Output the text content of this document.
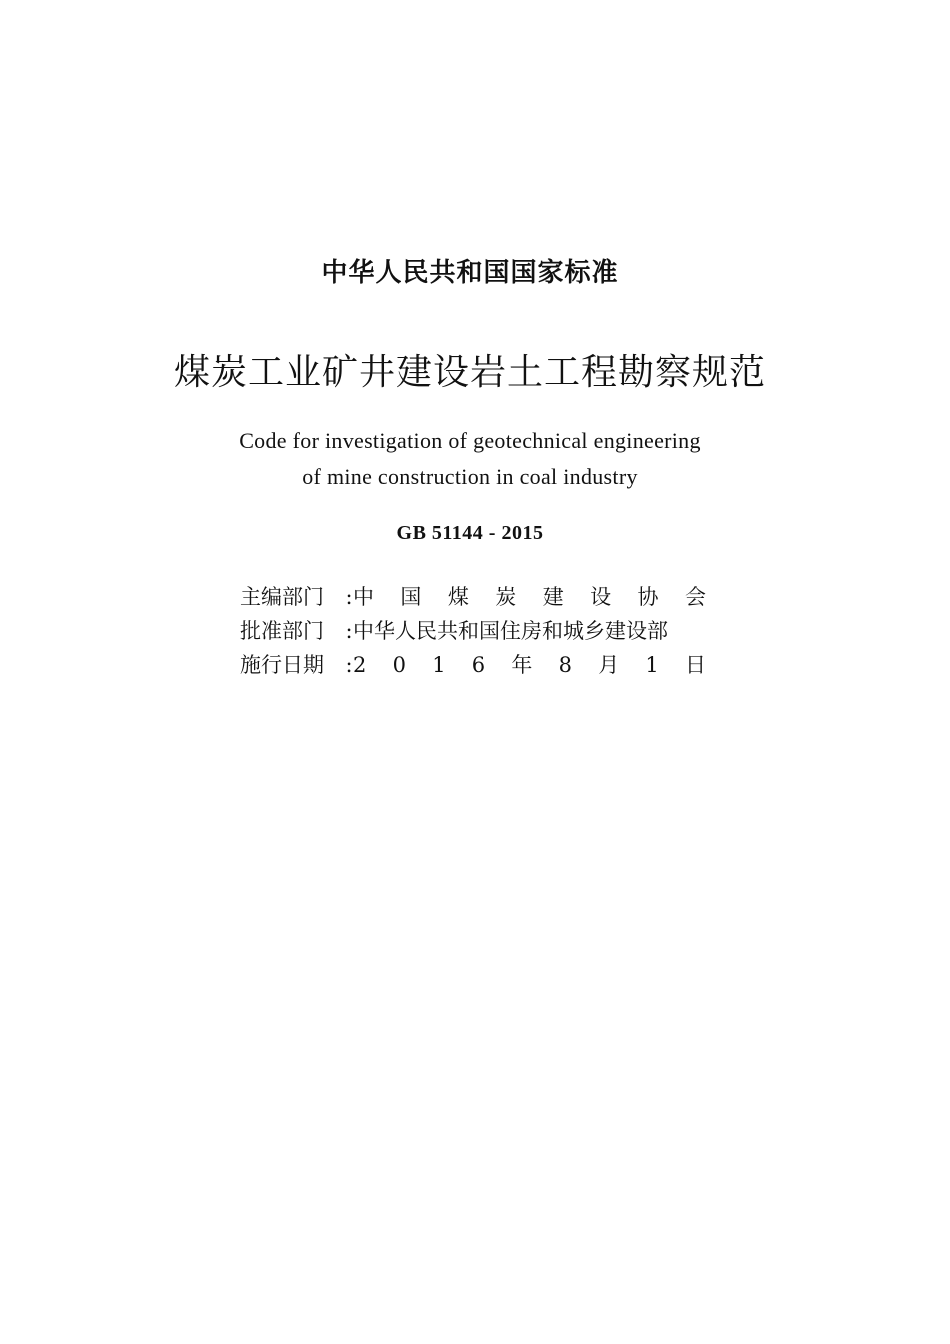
中华人民共和国国家标准
煤炭工业矿井建设岩土工程勘察规范
Code for investigation of geotechnical engineering
of mine construction in coal industry
GB 51144 - 2015
主编部门	: 中 国 煤 炭 建 设 协 会
批准部门	: 中华人民共和国住房和城乡建设部
施行日期	: 2 0 1 6 年 8 月 1 日
